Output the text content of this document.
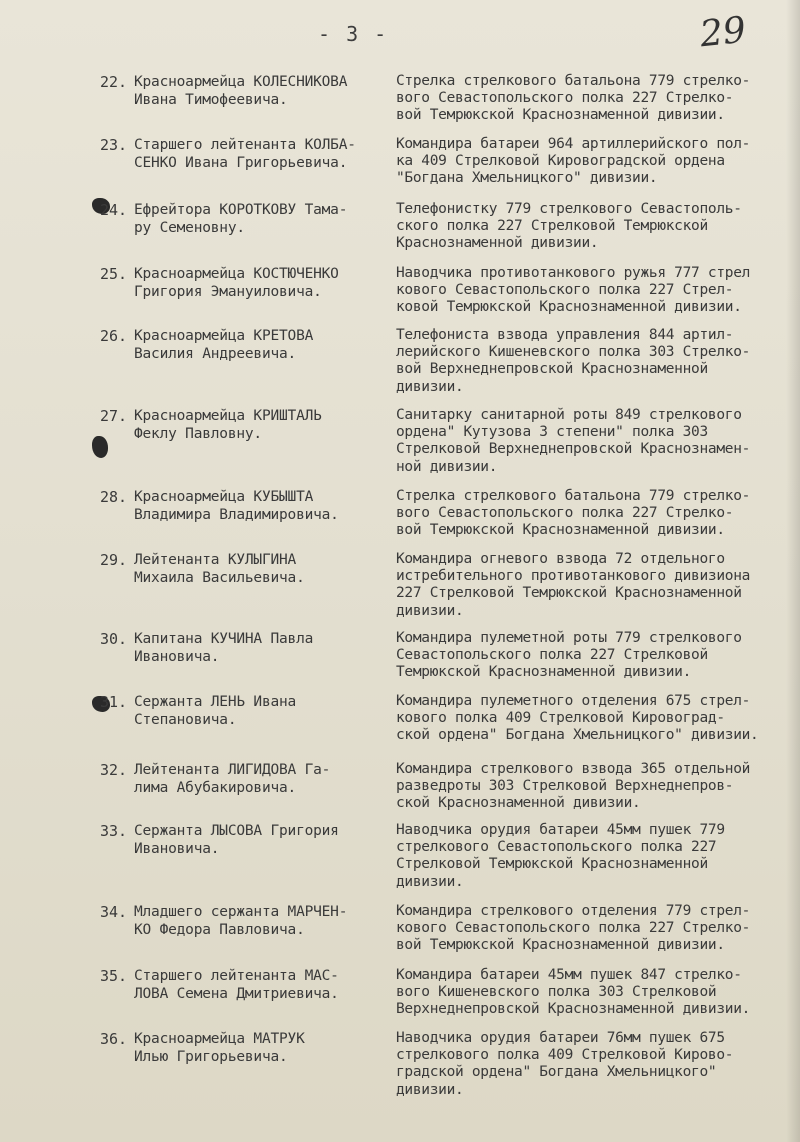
- 3 -	29
22. Красноармейца КОЛЕСНИКОВА
Ивана Тимофеевича.
Стрелка стрелкового батальона 779 стрелко-
вого Севастопольского полка 227 Стрелко-
вой Темрюкской Краснознаменной дивизии.
23. Старшего лейтенанта КОЛБА-
СЕНКО Ивана Григорьевича.
Командира батареи 964 артиллерийского пол-
ка 409 Стрелковой Кировоградской ордена
"Богдана Хмельницкого" дивизии.
24. Ефрейтора КОРОТКОВУ Тама-
ру Семеновну.
Телефонистку 779 стрелкового Севастополь-
ского полка 227 Стрелковой Темрюкской
Краснознаменной дивизии.
25. Красноармейца КОСТЮЧЕНКО
Григория Эмануиловича.
Наводчика противотанкового ружья 777 стрел
кового Севастопольского полка 227 Стрел-
ковой Темрюкской Краснознаменной дивизии.
26. Красноармейца КРЕТОВА
Василия Андреевича.
Телефониста взвода управления 844 артил-
лерийского Кишеневского полка 303 Стрелко-
вой Верхнеднепровской Краснознаменной
дивизии.
27. Красноармейца КРИШТАЛЬ
Феклу Павловну.
Санитарку санитарной роты 849 стрелкового
ордена" Кутузова 3 степени" полка 303
Стрелковой Верхнеднепровской Краснознамен-
ной дивизии.
28. Красноармейца КУБЫШТА
Владимира Владимировича.
Стрелка стрелкового батальона 779 стрелко-
вого Севастопольского полка 227 Стрелко-
вой Темрюкской Краснознаменной дивизии.
29. Лейтенанта КУЛЫГИНА
Михаила Васильевича.
Командира огневого взвода 72 отдельного
истребительного противотанкового дивизиона
227 Стрелковой Темрюкской Краснознаменной
дивизии.
30. Капитана КУЧИНА Павла
Ивановича.
Командира пулеметной роты 779 стрелкового
Севастопольского полка 227 Стрелковой
Темрюкской Краснознаменной дивизии.
31. Сержанта ЛЕНЬ Ивана
Степановича.
Командира пулеметного отделения 675 стрел-
кового полка 409 Стрелковой Кировоград-
ской ордена" Богдана Хмельницкого" дивизии.
32. Лейтенанта ЛИГИДОВА Га-
лима Абубакировича.
Командира стрелкового взвода 365 отдельной
разведроты 303 Стрелковой Верхнеднепров-
ской Краснознаменной дивизии.
33. Сержанта ЛЫСОВА Григория
Ивановича.
Наводчика орудия батареи 45мм пушек 779
стрелкового Севастопольского полка 227
Стрелковой Темрюкской Краснознаменной
дивизии.
34. Младшего сержанта МАРЧЕН-
КО Федора Павловича.
Командира стрелкового отделения 779 стрел-
кового Севастопольского полка 227 Стрелко-
вой Темрюкской Краснознаменной дивизии.
35. Старшего лейтенанта МАС-
ЛОВА Семена Дмитриевича.
Командира батареи 45мм пушек 847 стрелко-
вого Кишеневского полка 303 Стрелковой
Верхнеднепровской Краснознаменной дивизии.
36. Красноармейца МАТРУК
Илью Григорьевича.
Наводчика орудия батареи 76мм пушек 675
стрелкового полка 409 Стрелковой Кирово-
градской ордена" Богдана Хмельницкого"
дивизии.
